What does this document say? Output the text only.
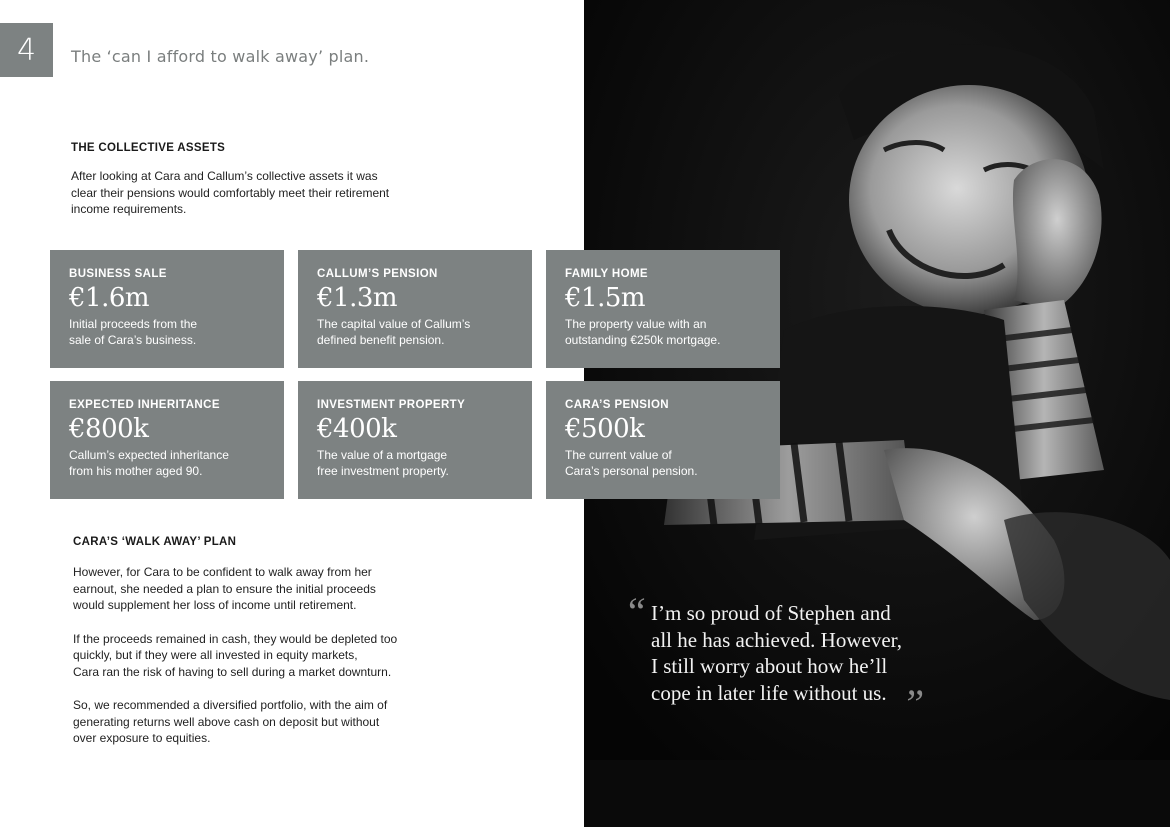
4	The ‘can I afford to walk away’ plan.
THE COLLECTIVE ASSETS
After looking at Cara and Callum’s collective assets it was
clear their pensions would comfortably meet their retirement
income requirements.
BUSINESS SALE
€1.6m
Initial proceeds from the
sale of Cara’s business.
CALLUM’S PENSION
€1.3m
The capital value of Callum’s
defined benefit pension.
FAMILY HOME
€1.5m
The property value with an
outstanding €250k mortgage.
EXPECTED INHERITANCE
€800k
Callum’s expected inheritance
from his mother aged 90.
INVESTMENT PROPERTY
€400k
The value of a mortgage
free investment property.
CARA’S PENSION
€500k
The current value of
Cara’s personal pension.
CARA’S ‘WALK AWAY’ PLAN

However, for Cara to be confident to walk away from her
earnout, she needed a plan to ensure the initial proceeds
would supplement her loss of income until retirement.

If the proceeds remained in cash, they would be depleted too
quickly, but if they were all invested in equity markets,
Cara ran the risk of having to sell during a market downturn.

So, we recommended a diversified portfolio, with the aim of
generating returns well above cash on deposit but without
over exposure to equities.

“ I’m so proud of Stephen and
all he has achieved. However,
I still worry about how he’ll
cope in later life without us. ”
